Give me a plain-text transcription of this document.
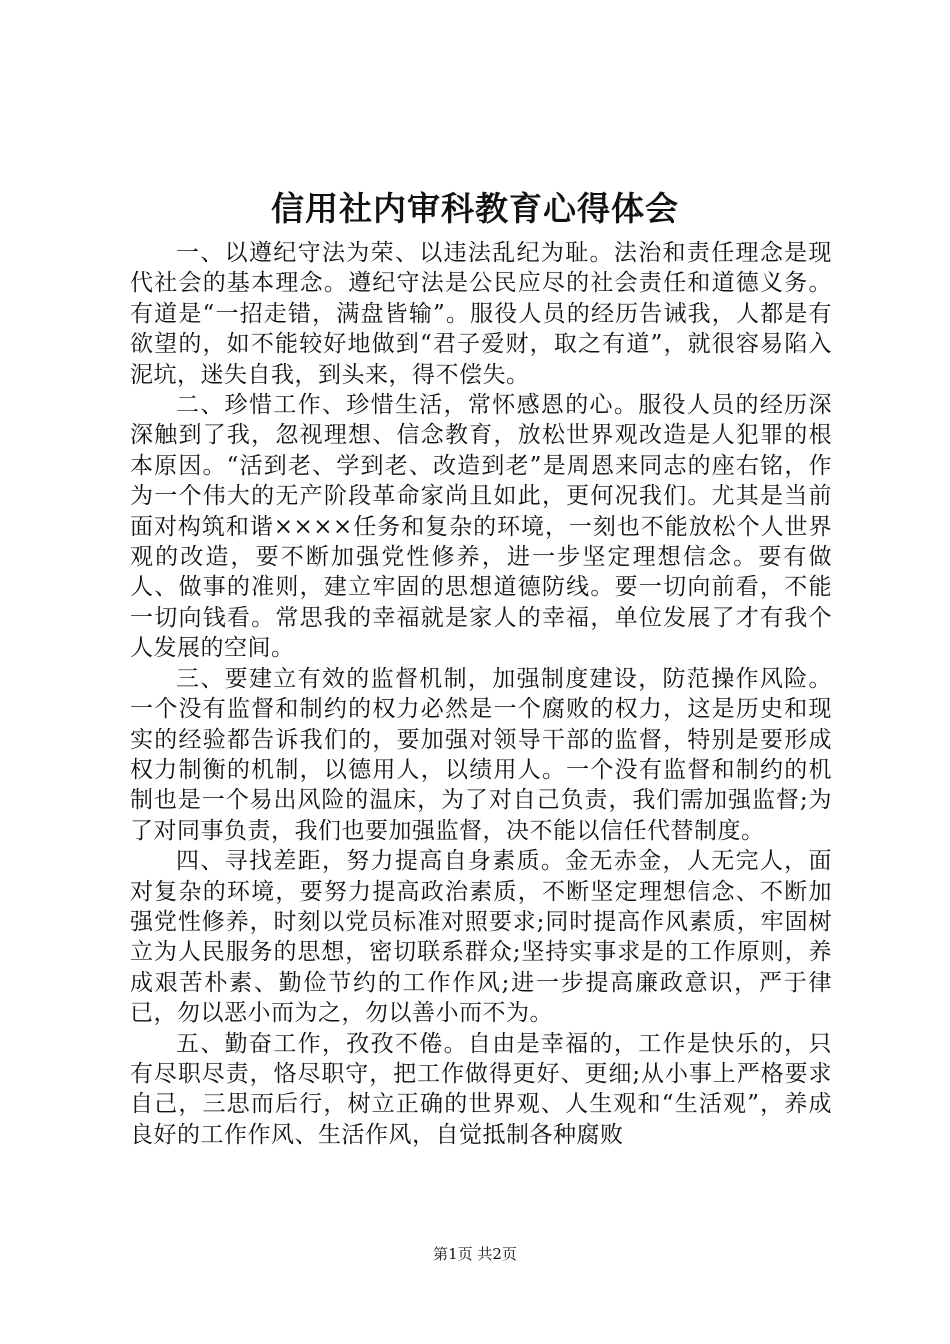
信用社内审科教育心得体会

一、以遵纪守法为荣、以违法乱纪为耻。法治和责任理念是现代社会的基本理念。遵纪守法是公民应尽的社会责任和道德义务。有道是“一招走错，满盘皆输”。服役人员的经历告诫我，人都是有欲望的，如不能较好地做到“君子爱财，取之有道”，就很容易陷入泥坑，迷失自我，到头来，得不偿失。

二、珍惜工作、珍惜生活，常怀感恩的心。服役人员的经历深深触到了我，忽视理想、信念教育，放松世界观改造是人犯罪的根本原因。“活到老、学到老、改造到老”是周恩来同志的座右铭，作为一个伟大的无产阶段革命家尚且如此，更何况我们。尤其是当前面对构筑和谐××××任务和复杂的环境，一刻也不能放松个人世界观的改造，要不断加强党性修养，进一步坚定理想信念。要有做人、做事的准则，建立牢固的思想道德防线。要一切向前看，不能一切向钱看。常思我的幸福就是家人的幸福，单位发展了才有我个人发展的空间。

三、要建立有效的监督机制，加强制度建设，防范操作风险。一个没有监督和制约的权力必然是一个腐败的权力，这是历史和现实的经验都告诉我们的，要加强对领导干部的监督，特别是要形成权力制衡的机制，以德用人，以绩用人。一个没有监督和制约的机制也是一个易出风险的温床，为了对自己负责，我们需加强监督;为了对同事负责，我们也要加强监督，决不能以信任代替制度。

四、寻找差距，努力提高自身素质。金无赤金，人无完人，面对复杂的环境，要努力提高政治素质，不断坚定理想信念、不断加强党性修养，时刻以党员标准对照要求;同时提高作风素质，牢固树立为人民服务的思想，密切联系群众;坚持实事求是的工作原则，养成艰苦朴素、勤俭节约的工作作风;进一步提高廉政意识，严于律已，勿以恶小而为之，勿以善小而不为。

五、勤奋工作，孜孜不倦。自由是幸福的，工作是快乐的，只有尽职尽责，恪尽职守，把工作做得更好、更细;从小事上严格要求自己，三思而后行，树立正确的世界观、人生观和“生活观”，养成良好的工作作风、生活作风，自觉抵制各种腐败

第1页 共2页
